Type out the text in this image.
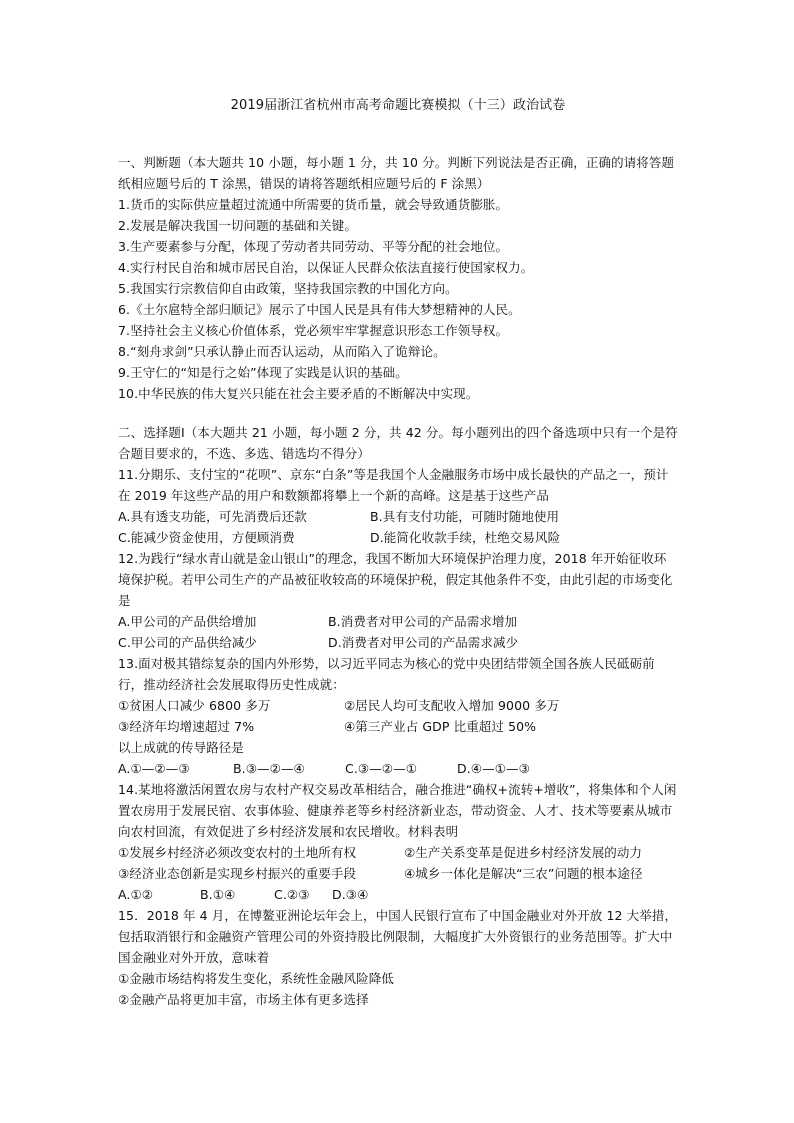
2019届浙江省杭州市高考命题比赛模拟（十三）政治试卷
一、判断题（本大题共 10 小题，每小题 1 分，共 10 分。判断下列说法是否正确，正确的请将答题纸相应题号后的 T 涂黑，错误的请将答题纸相应题号后的 F 涂黑）
1.货币的实际供应量超过流通中所需要的货币量，就会导致通货膨胀。
2.发展是解决我国一切问题的基础和关键。
3.生产要素参与分配，体现了劳动者共同劳动、平等分配的社会地位。
4.实行村民自治和城市居民自治，以保证人民群众依法直接行使国家权力。
5.我国实行宗教信仰自由政策，坚持我国宗教的中国化方向。
6.《土尔扈特全部归顺记》展示了中国人民是具有伟大梦想精神的人民。
7.坚持社会主义核心价值体系，党必须牢牢掌握意识形态工作领导权。
8.“刻舟求剑”只承认静止而否认运动，从而陷入了诡辩论。
9.王守仁的“知是行之始”体现了实践是认识的基础。
10.中华民族的伟大复兴只能在社会主要矛盾的不断解决中实现。
二、选择题Ⅰ（本大题共 21 小题，每小题 2 分，共 42 分。每小题列出的四个备选项中只有一个是符合题目要求的，不选、多选、错选均不得分）
11.分期乐、支付宝的“花呗”、京东“白条”等是我国个人金融服务市场中成长最快的产品之一，预计在 2019 年这些产品的用户和数额都将攀上一个新的高峰。这是基于这些产品
A.具有透支功能，可先消费后还款	B.具有支付功能，可随时随地使用
C.能减少资金使用，方便顾消费	D.能简化收款手续，杜绝交易风险
12.为践行“绿水青山就是金山银山”的理念，我国不断加大环境保护治理力度，2018 年开始征收环境保护税。若甲公司生产的产品被征收较高的环境保护税，假定其他条件不变，由此引起的市场变化是
A.甲公司的产品供给增加	B.消费者对甲公司的产品需求增加
C.甲公司的产品供给减少	D.消费者对甲公司的产品需求减少
13.面对极其错综复杂的国内外形势，以习近平同志为核心的党中央团结带领全国各族人民砥砺前行，推动经济社会发展取得历史性成就：
①贫困人口减少 6800 多万	②居民人均可支配收入增加 9000 多万
③经济年均增速超过 7%	④第三产业占 GDP 比重超过 50%
以上成就的传导路径是
A.①—②—③	B.③—②—④	C.③—②—①	D.④—①—③
14.某地将激活闲置农房与农村产权交易改革相结合，融合推进“确权+流转+增收”，将集体和个人闲置农房用于发展民宿、农事体验、健康养老等乡村经济新业态，带动资金、人才、技术等要素从城市向农村回流，有效促进了乡村经济发展和农民增收。材料表明
①发展乡村经济必须改变农村的土地所有权	②生产关系变革是促进乡村经济发展的动力
③经济业态创新是实现乡村振兴的重要手段	④城乡一体化是解决“三农”问题的根本途径
A.①②	B.①④	C.②③	D.③④
15．2018 年 4 月，在博鳌亚洲论坛年会上，中国人民银行宣布了中国金融业对外开放 12 大举措，包括取消银行和金融资产管理公司的外资持股比例限制，大幅度扩大外资银行的业务范围等。扩大中国金融业对外开放，意味着
①金融市场结构将发生变化，系统性金融风险降低
②金融产品将更加丰富，市场主体有更多选择
